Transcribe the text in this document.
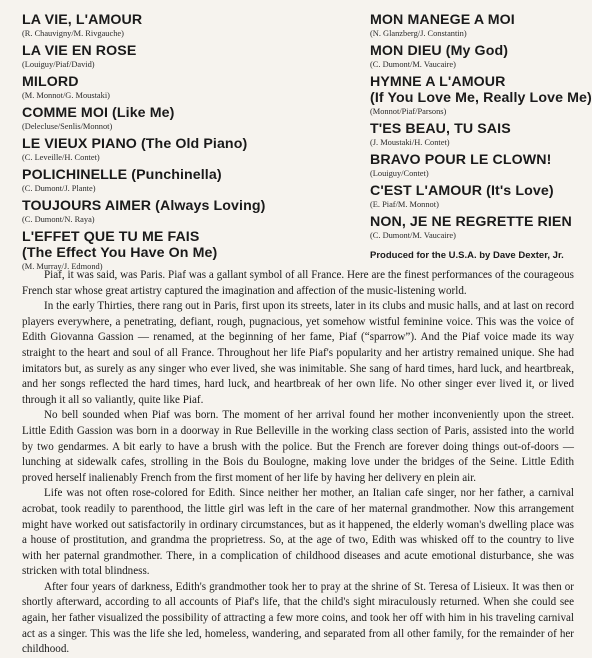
LA VIE, L'AMOUR
(R. Chauvigny/M. Rivgauche)
LA VIE EN ROSE
(Louiguy/Piaf/David)
MILORD
(M. Monnot/G. Moustaki)
COMME MOI (Like Me)
(Delecluse/Senlis/Monnot)
LE VIEUX PIANO (The Old Piano)
(C. Leveille/H. Contet)
POLICHINELLE (Punchinella)
(C. Dumont/J. Plante)
TOUJOURS AIMER (Always Loving)
(C. Dumont/N. Raya)
L'EFFET QUE TU ME FAIS
(The Effect You Have On Me)
(M. Murray/J. Edmond)
MON MANEGE A MOI
(N. Glanzberg/J. Constantin)
MON DIEU (My God)
(C. Dumont/M. Vaucaire)
HYMNE A L'AMOUR
(If You Love Me, Really Love Me)
(Monnot/Piaf/Parsons)
T'ES BEAU, TU SAIS
(J. Moustaki/H. Contet)
BRAVO POUR LE CLOWN!
(Louiguy/Contet)
C'EST L'AMOUR (It's Love)
(E. Piaf/M. Monnot)
NON, JE NE REGRETTE RIEN
(C. Dumont/M. Vaucaire)
Produced for the U.S.A. by Dave Dexter, Jr.

Piaf, it was said, was Paris. Piaf was a gallant symbol of all France. Here are the finest performances of the courageous French star whose great artistry captured the imagination and affection of the music-listening world.

In the early Thirties, there rang out in Paris, first upon its streets, later in its clubs and music halls, and at last on record players everywhere, a penetrating, defiant, rough, pugnacious, yet somehow wistful feminine voice. This was the voice of Edith Giovanna Gassion — renamed, at the beginning of her fame, Piaf (“sparrow”). And the Piaf voice made its way straight to the heart and soul of all France. Throughout her life Piaf's popularity and her artistry remained unique. She had imitators but, as surely as any singer who ever lived, she was inimitable. She sang of hard times, hard luck, and heartbreak, and her songs reflected the hard times, hard luck, and heartbreak of her own life. No other singer ever lived it, or lived through it all so valiantly, quite like Piaf.

No bell sounded when Piaf was born. The moment of her arrival found her mother inconveniently upon the street. Little Edith Gassion was born in a doorway in Rue Belleville in the working class section of Paris, assisted into the world by two gendarmes. A bit early to have a brush with the police. But the French are forever doing things out-of-doors — lunching at sidewalk cafes, strolling in the Bois du Boulogne, making love under the bridges of the Seine. Little Edith proved herself inalienably French from the first moment of her life by having her delivery en plein air.

Life was not often rose-colored for Edith. Since neither her mother, an Italian cafe singer, nor her father, a carnival acrobat, took readily to parenthood, the little girl was left in the care of her maternal grandmother. Now this arrangement might have worked out satisfactorily in ordinary circumstances, but as it happened, the elderly woman's dwelling place was a house of prostitution, and grandma the proprietress. So, at the age of two, Edith was whisked off to the country to live with her paternal grandmother. There, in a complication of childhood diseases and acute emotional disturbance, she was stricken with total blindness.

After four years of darkness, Edith's grandmother took her to pray at the shrine of St. Teresa of Lisieux. It was then or shortly afterward, according to all accounts of Piaf's life, that the child's sight miraculously returned. When she could see again, her father visualized the possibility of attracting a few more coins, and took her off with him in his traveling carnival act as a singer. This was the life she led, homeless, wandering, and separated from all other family, for the remainder of her childhood.
